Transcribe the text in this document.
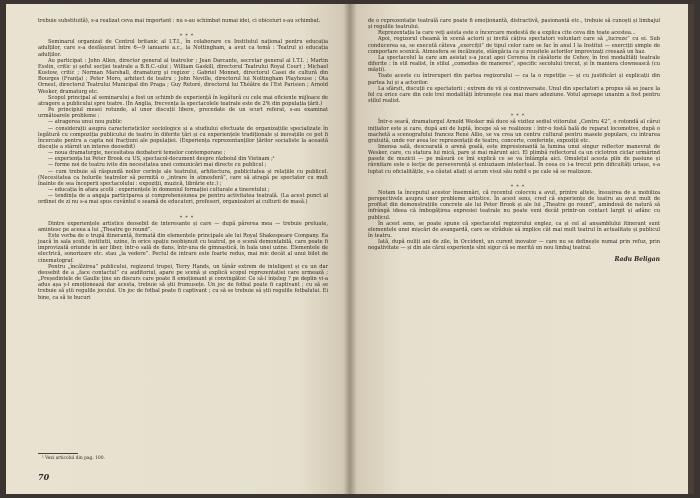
trebuie substituită), s-a realizat ceva mai important : nu s-au schimbat numai idei, ci obiceiuri s-au schimbat.

***

Seminarul organizat de Centrul britanic al I.T.I., în colaborare cu Institutul național pentru educația adulților, care s-a desfășurat între 6—9 ianuarie a.c., la Nottingham, a avut ca temă : Teatrul și educația adulților.

Au participat : John Allen, director general al teatrelor ; Jean Darcante, secretar general al I.T.I. ; Martin Esslin, critic și șeful secției teatrale a B.B.C.-ului ; William Gaskill, directorul Teatrului Royal Court ; Michael Kustow, critic ; Norman Marshall, dramaturg și regizor ; Gabriel Monnet, directorul Casei de cultură din Bourges (Franța) ; Peter Moro, arhitect de teatru ; John Neville, directorul lui Nottingham Playhouse ; Ota Ornest, directorul Teatrului Municipal din Praga ; Guy Retoré, directorul lui Théâtre de l’Est Parisien ; Arnold Wesker, dramaturg etc.

Scopul principal al seminarului a fost un schimb de experiență în legătură cu cele mai eficiente mijloace de atragere a publicului spre teatre. (În Anglia, frecvența la spectacolele teatrale este de 2% din populația țării.)

Pe principiul mesei rotunde, al unor discuții libere, precedate de un scurt referat, s-au examinat următoarele probleme :

— atragerea unui nou public

— considerații asupra caracteristicilor sociologice și a studiului efectuate de organizațiile specializate în legătură cu compoziția publicului de teatru în diferite țări și cu experiențele tradiționale și inovațiile ce pot fi încercate pentru a capta noi fracțiuni ale populației. (Experiența reprezentanților țărilor socialiste la această discuție a stârnit un interes deosebit)

— noua dramaturgie, necesitatea dezbaterii temelor contemporane ;

— experiența lui Peter Brook cu US, spectacol-document despre războiul din Vietnam ;¹

— forme noi de teatru ivite din necesitatea unei comunicări mai directe cu publicul ;

— cum trebuie să răspundă noilor cerințe ale teatrului, arhitectura, publicitatea și relațiile cu publicul. (Necesitatea ca holurile teatrelor să permită o „intrare în atmosferă”, care să atragă pe spectator cu mult înainte de sea începerii spectacolului : expoziții, muzică, librărie etc.) ;

— educația în afara școlii : experiențele în domeniul formației culturale a tineretului ;

— tendința de a angaja participarea și comprehensiunea pe pentru activitatea teatrală. (La acest punct al ordinei de zi nu s-a mai spus cuvântul o seamă de educatori, profesori, organizatori ai culturii de masă.)

***

Dintre experiențele artistice deosebit de interesante și care — după părerea mea — trebuie preluate, amintesc pe aceea a lui „Theatre go round”.

Este vorba de o trupă itinerantă, formată din elementele principale ale lui Royal Shakespeare Company. Ea joacă în sala școli, institutii, uzine, în orice spațiu neobișnuit cu teatrul, pe o scenă demontabilă, care poate fi improvizată oriunde în aer liber, într-o sală de dans, într-una de gimnastică, în hala unei uzine. Elementele de electrică, sonorizare etc. stau „la vedere”. Pectul de intrare este foarte redus, mai mic decât al unui bilet de cinematograf.

Pentru „încălzirea” publicului, regizorul trupei, Terry Hands, un tânăr extrem de inteligent și cu un dar deosebit de a „face contactul” cu auditoriul, apare pe scenă și explică scopul reprezentației care urmează ; „Președintele de Gaulle ține un discurs care poate fi emoționant și convingător. Ce să-l înțeleg ? pe deplin vi-a adus așa ș-l emoționează dar acesta, trebuie să știi frumusețe. Un joc de fotbal poate fi captivant ; cu să se trebuie să știi regulile jocului. Un joc de fotbal poate fi captivant ; cu să se trebuie să știi regulile fotbalului. Ei bine, ca să te bucuri

¹ Vezi articolul din pag. 100.
70

de o reprezentație teatrală care poate fi emoționantă, distractivă, pasionantă etc., trebuie să cunoști și limbajul și regulile teatrului.

Reprezentația la care veți asista este o încercare modestă de a explica cite ceva din toate acestea...

Apoi, regizorul cheamă în scenă actorii și invită câțiva spectatori voluntari care să „lucreze” cu ei. Sub conducerea sa, se execută câteva „exerciții” de tipul celor care se fac în anul I la Institut — exerciții simple de comportare scenică. Atmosfera se încălzește, stângăcia ca și reușitele actorilor improvizați creează un haz.

La spectacolul la care am asistat s-a jucat apoi Cererea în căsătorie de Cehov, în trei modalități teatrale diferite : în stil realist, în stilul „comedies de maneres”, specific secolului trecut, și în maniera clownească (cu măști).

Toate aceste cu întreruperi din partea regizorului — ca la o repetiție — și cu justificări și explicații din partea lui și a actorilor.

La sfârșit, discuții cu spectatorii ; extrem de vii și controversate. Unul din spectatori a propus să se joace la fel cu orice care din cele trei modalități întrunește cea mai mare adeziune. Votul aproape unanim a fost pentru stilul realist.

***

Într-o seară, dramaturgul Arnold Wesker mă duce să vizitez sediul viitorului „Centru 42”, o rotondă al cărui inițiator este și care, după ani de luptă, începe să se realizeze : într-o fostă hală de reparat locomotive, după o machetă a scenografului francez René Allio, se va crea un centru cultural pentru masele populare, cu intrarea gratuită, unde vor avea loc reprezentații de teatru, concerte, conferințe, expoziții etc.

Imensa sală, descoarată o arenă goală, este impresionantă la lumina unui singur reflector manevrat de Wesker, care, cu statura lui mică, pare și mai mărunt aici. El plimbă reflectorul ca un ciclotron ciclar urmărind pasele de muzicii — pe măsură ce îmi explică ce se va întâmpla aici. Omulețul acesta plin de pasiune și râvnitare este o lecție de perseverență și entuziasm intelectual. În ceea ce i-a trecut prin dificultăți uriașe, s-a luptat cu oficialitățile, s-a căutat aliați și acum visul său nobil e pe cale să se realizeze.

***

Notam la începutul acestor însemnări, că recentul colocviu a avut, printre altele, însușirea de a mobiliza perspectivele asupra unor probleme artistice. În acest sens, cred că experiențe de teatru au avut mult de profitat din demonstrațiile concrete ale lui Peter Brook și ale lui „Theatre go round”, amindouă de natură să înfrângă ideea că îmbogățirea expresiei teatrale nu poate veni decât printr-un contact largit și adânc cu publicul.

În acest sens, se poate spune că spectacolul regizorului englez, ca și cel al ansamblului itinerant sunt elementele unei mișcări de avangardă, care se străduie să implice cât mai mult teatrul în actualitate și publicul în teatru.

Iată, după nuliți ani de zile, în Occident, un curent inovator — care nu se definește numai prin refuz, prin negativitate — și din ale cărui experiențe sînt sigur că se merită un nou limbaj teatral.

Radu Beligan
